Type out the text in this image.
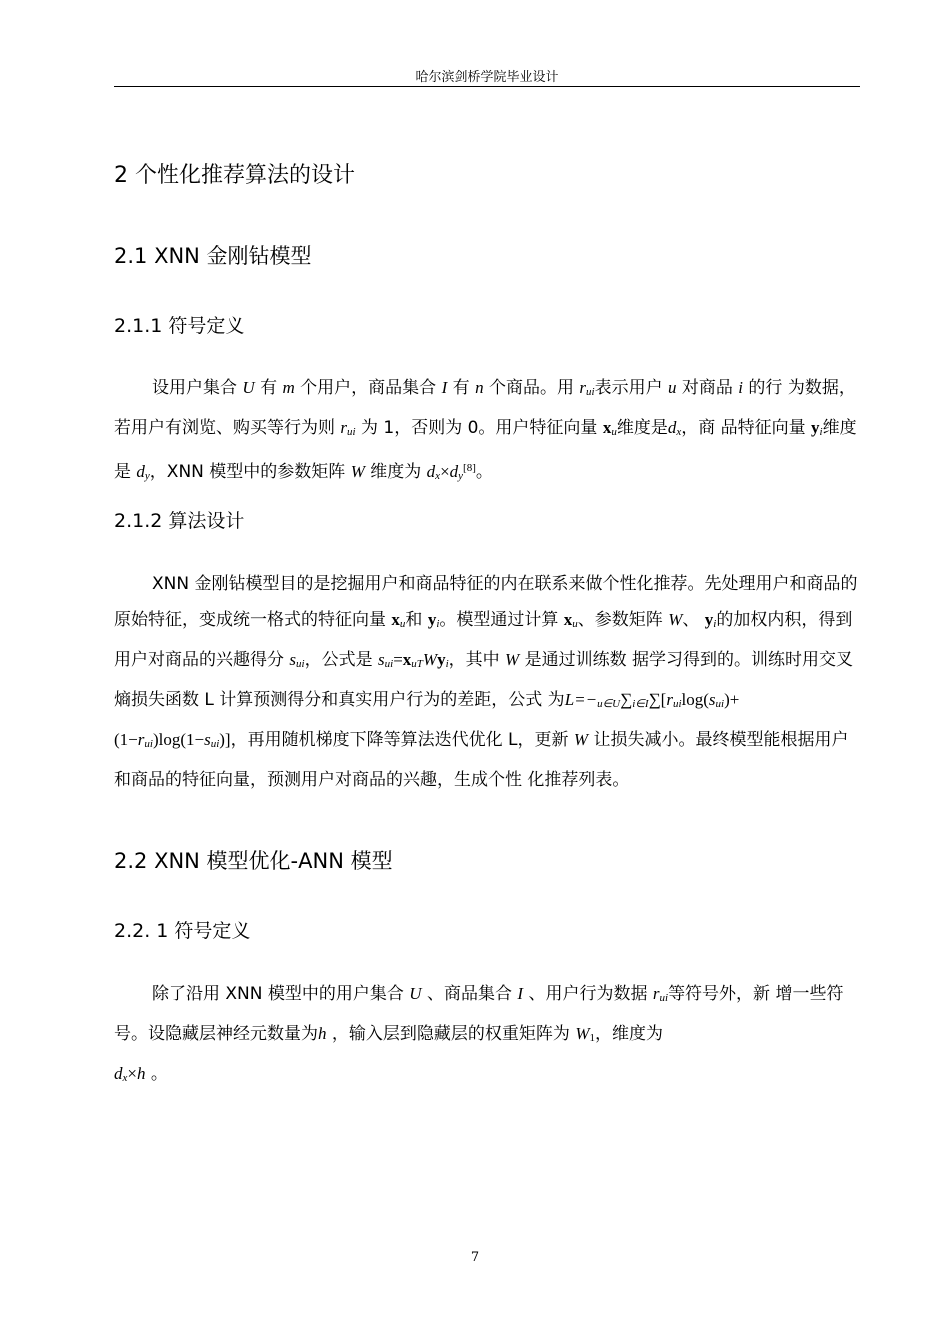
哈尔滨剑桥学院毕业设计
2 个性化推荐算法的设计
2.1 XNN 金刚钻模型
2.1.1 符号定义
设用户集合 U 有 m 个用户，商品集合 I 有 n 个商品。用 rui表示用户 u 对商品 i 的行 为数据，若用户有浏览、购买等行为则 rui 为 1，否则为 0。用户特征向量 xu维度是dx，商 品特征向量 yi维度是 dy，XNN 模型中的参数矩阵 W 维度为 dx×dy[8]。
2.1.2 算法设计
XNN 金刚钻模型目的是挖掘用户和商品特征的内在联系来做个性化推荐。先处理用户和商品的原始特征，变成统一格式的特征向量 xu和 yi。模型通过计算 xu、参数矩阵 W、 yi的加权内积，得到用户对商品的兴趣得分 sui，公式是 sui=xuTWyi，其中 W 是通过训练数 据学习得到的。训练时用交叉熵损失函数 L 计算预测得分和真实用户行为的差距，公式 为L=−u∈U∑i∈I∑[ruilog(sui)+(1−rui)log(1−sui)]，再用随机梯度下降等算法迭代优化 L，更新 W 让损失减小。最终模型能根据用户和商品的特征向量，预测用户对商品的兴趣，生成个性 化推荐列表。
2.2 XNN 模型优化-ANN 模型
2.2. 1 符号定义
除了沿用 XNN 模型中的用户集合 U 、商品集合 I 、用户行为数据 rui等符号外，新 增一些符号。设隐藏层神经元数量为h ，输入层到隐藏层的权重矩阵为 W1，维度为
dx×h 。
7
